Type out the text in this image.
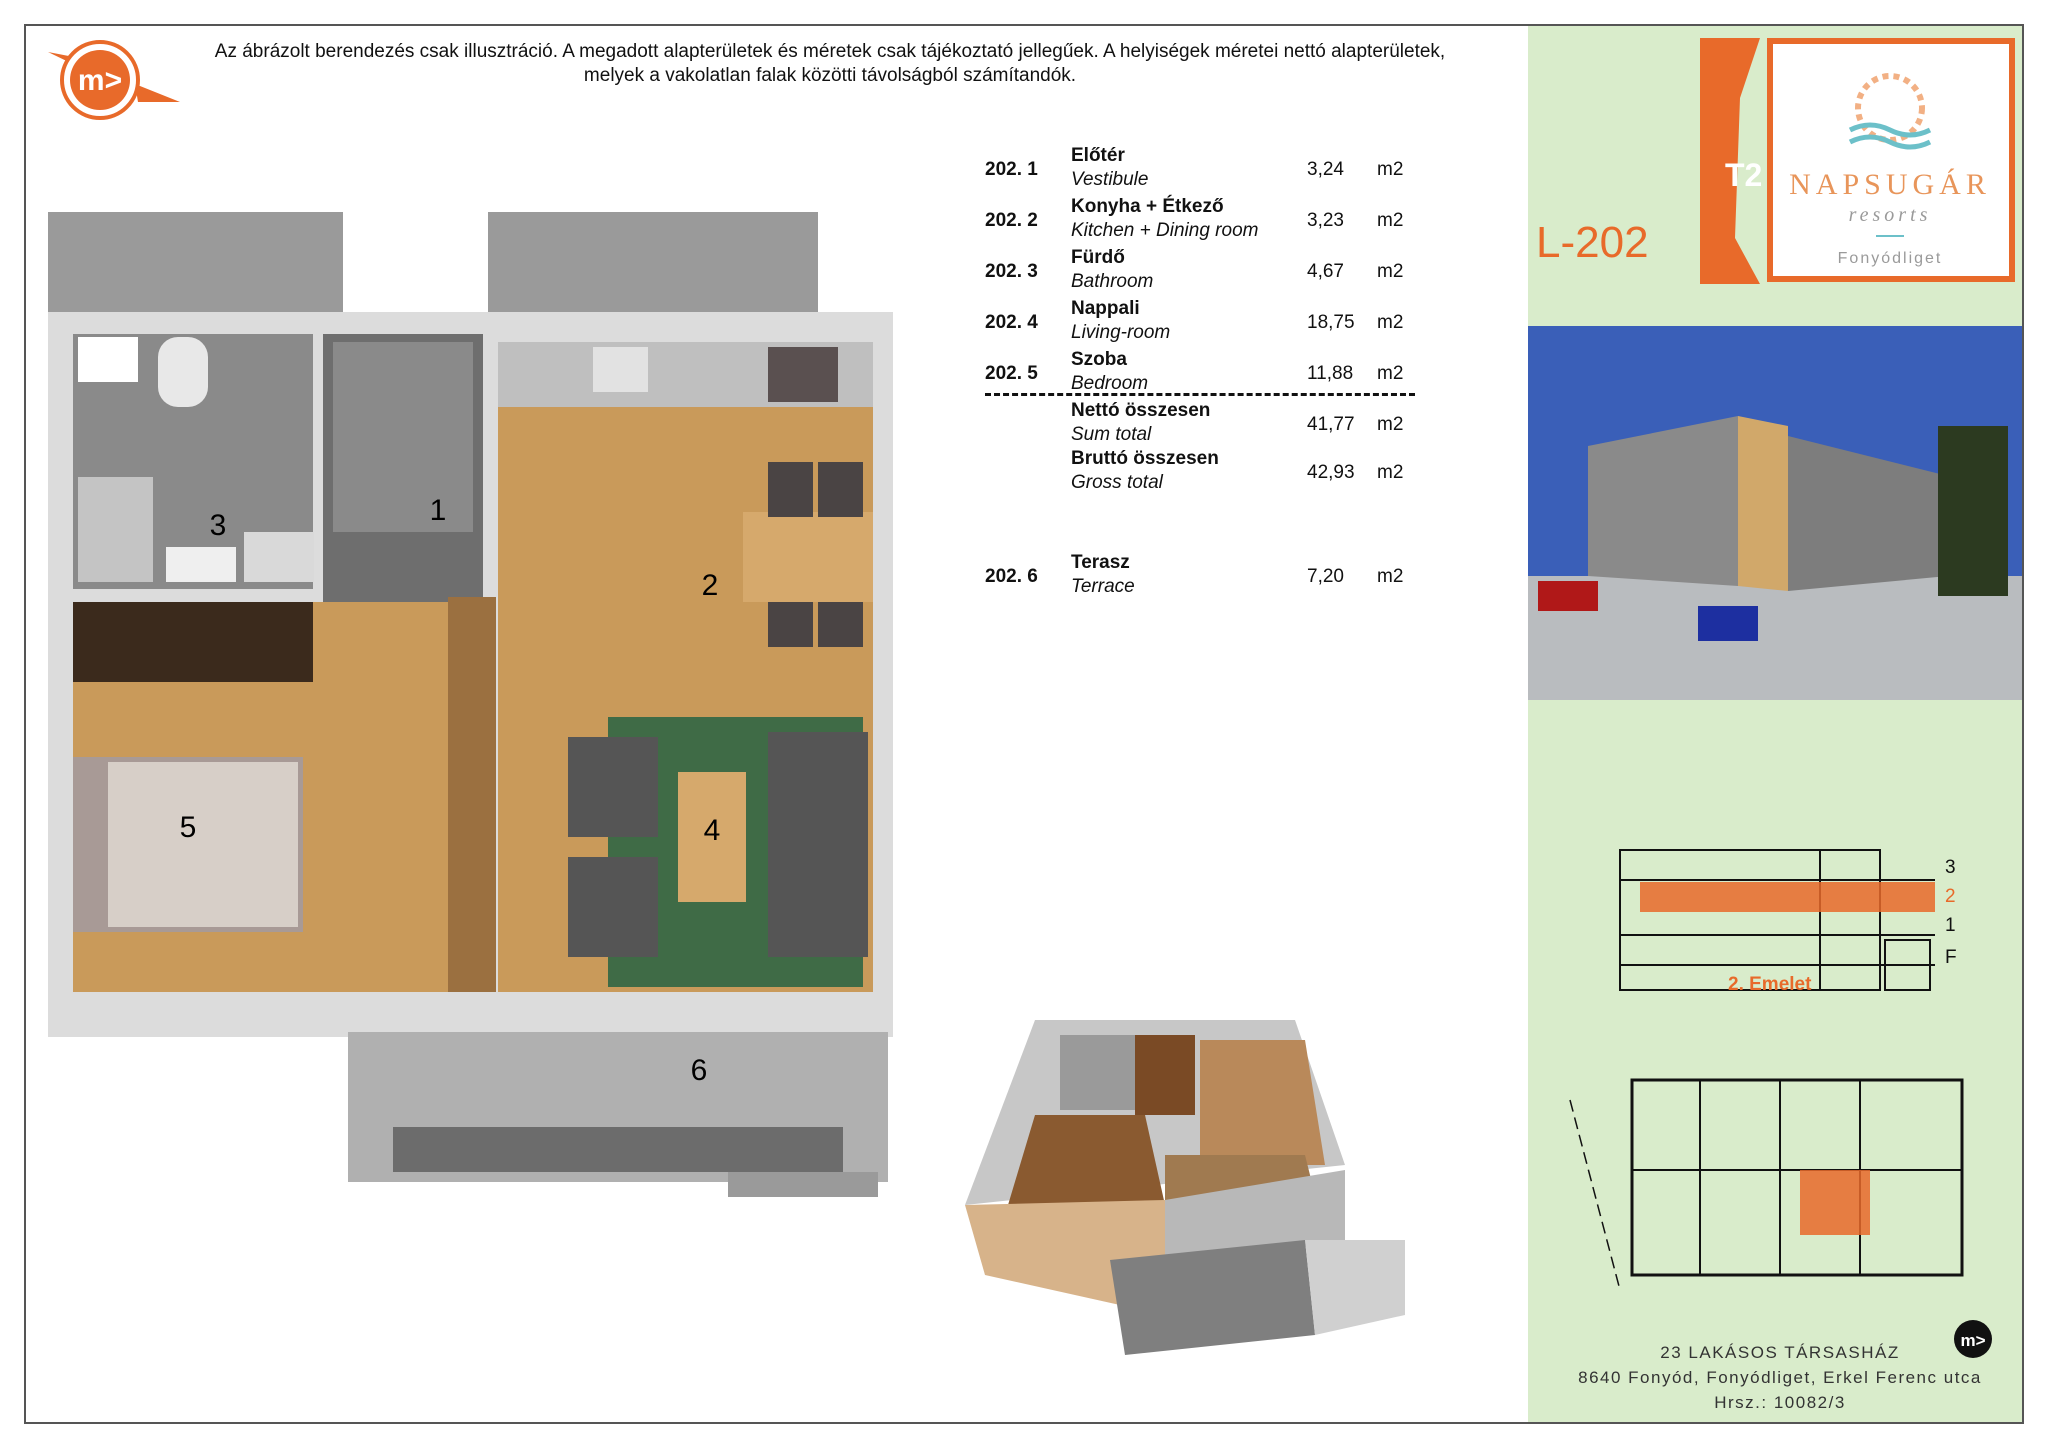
m>
Az ábrázolt berendezés csak illusztráció. A megadott alapterületek és méretek csak tájékoztató jellegűek. A helyiségek méretei nettó alapterületek,
melyek a vakolatlan falak közötti távolságból számítandók.
202. 1
Előtér
Vestibule	3,24 m2
202. 2
Konyha + Étkező
Kitchen + Dining room	3,23 m2
202. 3
Fürdő
Bathroom	4,67 m2
202. 4
Nappali
Living-room	18,75 m2
202. 5
Szoba
Bedroom	11,88 m2
Nettó összesen
Sum total	41,77 m2
Bruttó összesen
Gross total	42,93 m2
202. 6
Terasz
Terrace	7,20 m2
1
2
3
4
5
6
T2 NAPSUGÁR
resorts
Fonyódliget
L-202
3
2
1
F
2. Emelet
m>
23 LAKÁSOS TÁRSASHÁZ
8640 Fonyód, Fonyódliget, Erkel Ferenc utca
Hrsz.: 10082/3
